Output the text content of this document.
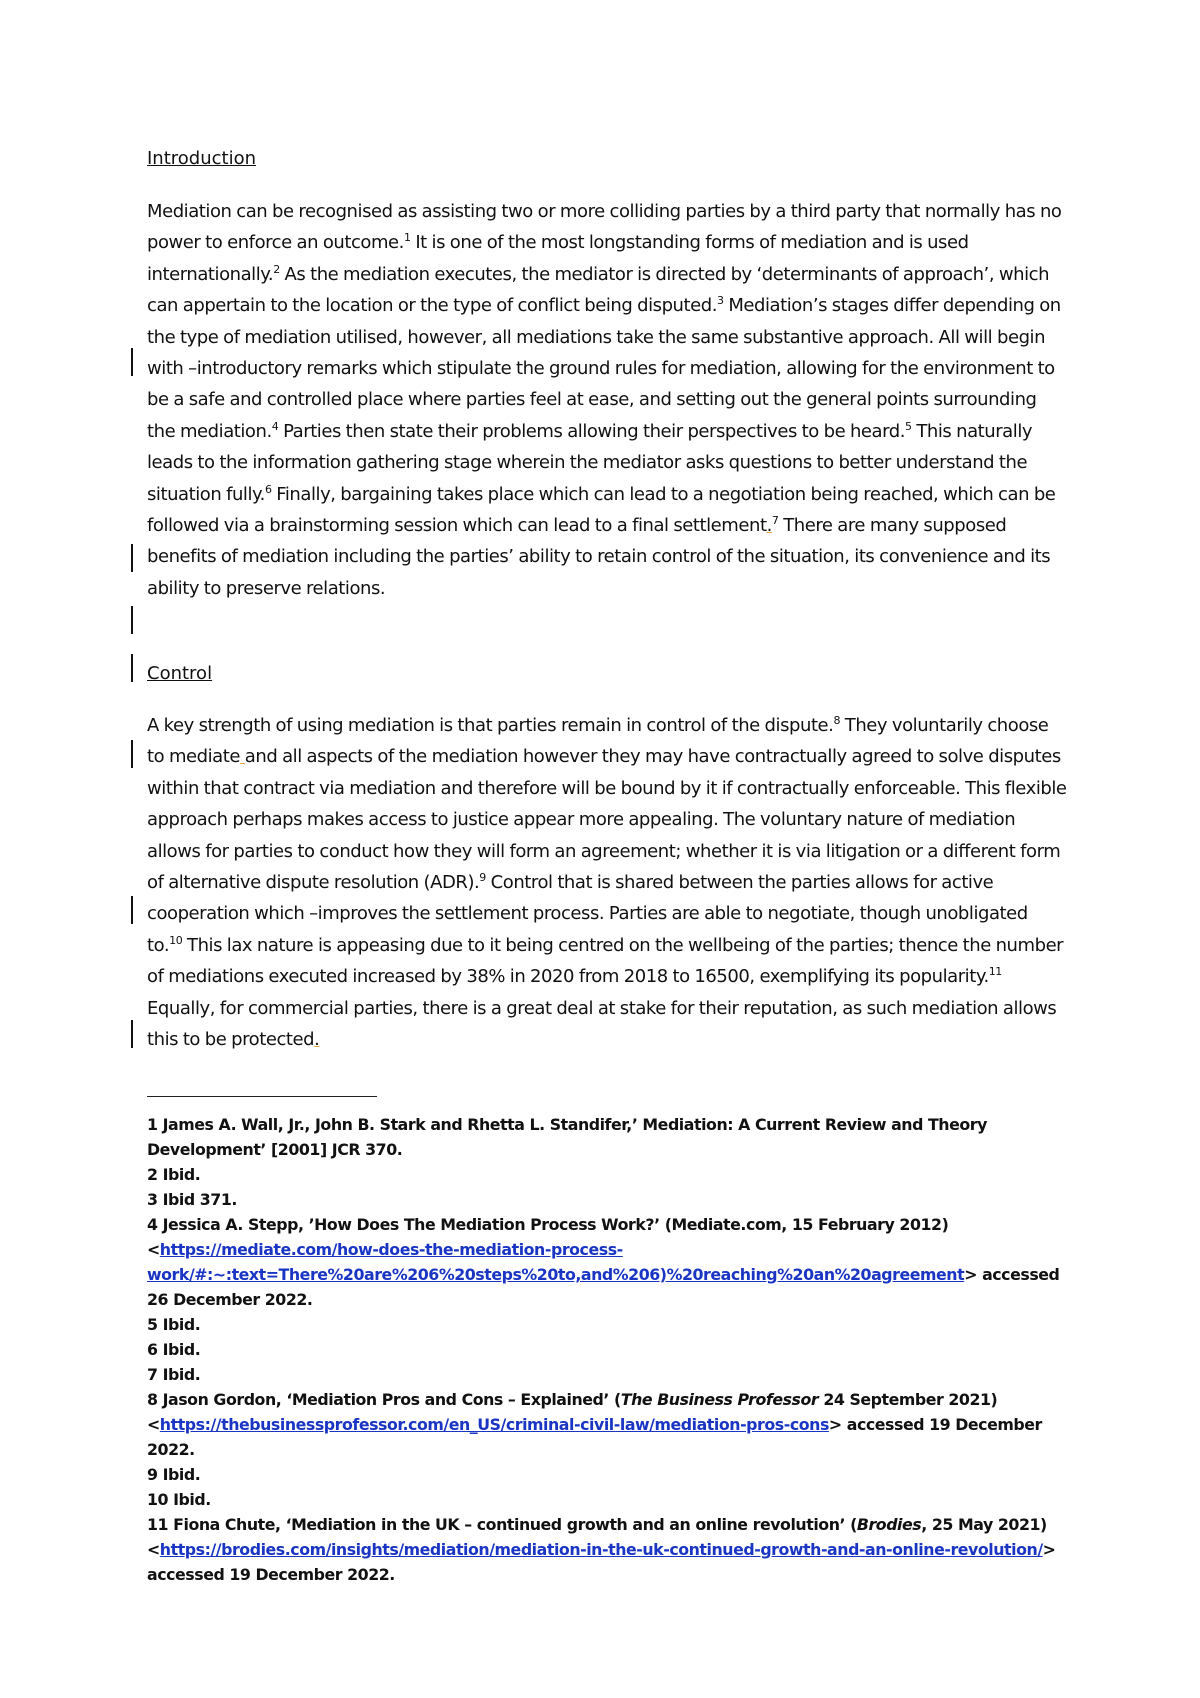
Introduction
Mediation can be recognised as assisting two or more colliding parties by a third party that normally has no power to enforce an outcome.$^1$ It is one of the most longstanding forms of mediation and is used internationally.$^2$ As the mediation executes, the mediator is directed by ‘determinants of approach’, which can appertain to the location or the type of conflict being disputed.$^3$ Mediation’s stages differ depending on the type of mediation utilised, however, all mediations take the same substantive approach. All will begin with –introductory remarks which stipulate the ground rules for mediation, allowing for the environment to be a safe and controlled place where parties feel at ease, and setting out the general points surrounding the mediation.$^4$ Parties then state their problems allowing their perspectives to be heard.$^5$ This naturally leads to the information gathering stage wherein the mediator asks questions to better understand the situation fully.$^6$ Finally, bargaining takes place which can lead to a negotiation being reached, which can be followed via a brainstorming session which can lead to a final settlement.$^7$ There are many supposed benefits of mediation including the parties’ ability to retain control of the situation, its convenience and its ability to preserve relations.
Control
A key strength of using mediation is that parties remain in control of the dispute.$^8$ They voluntarily choose to mediate and all aspects of the mediation however they may have contractually agreed to solve disputes within that contract via mediation and therefore will be bound by it if contractually enforceable. This flexible approach perhaps makes access to justice appear more appealing. The voluntary nature of mediation allows for parties to conduct how they will form an agreement; whether it is via litigation or a different form of alternative dispute resolution (ADR).$^9$ Control that is shared between the parties allows for active cooperation which –improves the settlement process. Parties are able to negotiate, though unobligated to.$^{10}$ This lax nature is appeasing due to it being centred on the wellbeing of the parties; thence the number of mediations executed increased by 38% in 2020 from 2018 to 16500, exemplifying its popularity.$^{11}$ Equally, for commercial parties, there is a great deal at stake for their reputation, as such mediation allows this to be protected.

1 James A. Wall, Jr., John B. Stark and Rhetta L. Standifer,’ Mediation: A Current Review and Theory Development’ [2001] JCR 370.

2 Ibid.

3 Ibid 371.

4 Jessica A. Stepp, ’How Does The Mediation Process Work?’ (Mediate.com, 15 February 2012)
<https://mediate.com/how-does-the-mediation-process-work/#:~:text=There%20are%206%20steps%20to,and%206)%20reaching%20an%20agreement> accessed 26 December 2022.

5 Ibid.

6 Ibid.

7 Ibid.

8 Jason Gordon, ‘Mediation Pros and Cons – Explained’ (The Business Professor 24 September 2021)
<https://thebusinessprofessor.com/en_US/criminal-civil-law/mediation-pros-cons> accessed 19 December 2022.

9 Ibid.

10 Ibid.

11 Fiona Chute, ‘Mediation in the UK – continued growth and an online revolution’ (Brodies, 25 May 2021)
<https://brodies.com/insights/mediation/mediation-in-the-uk-continued-growth-and-an-online-revolution/>
accessed 19 December 2022.
